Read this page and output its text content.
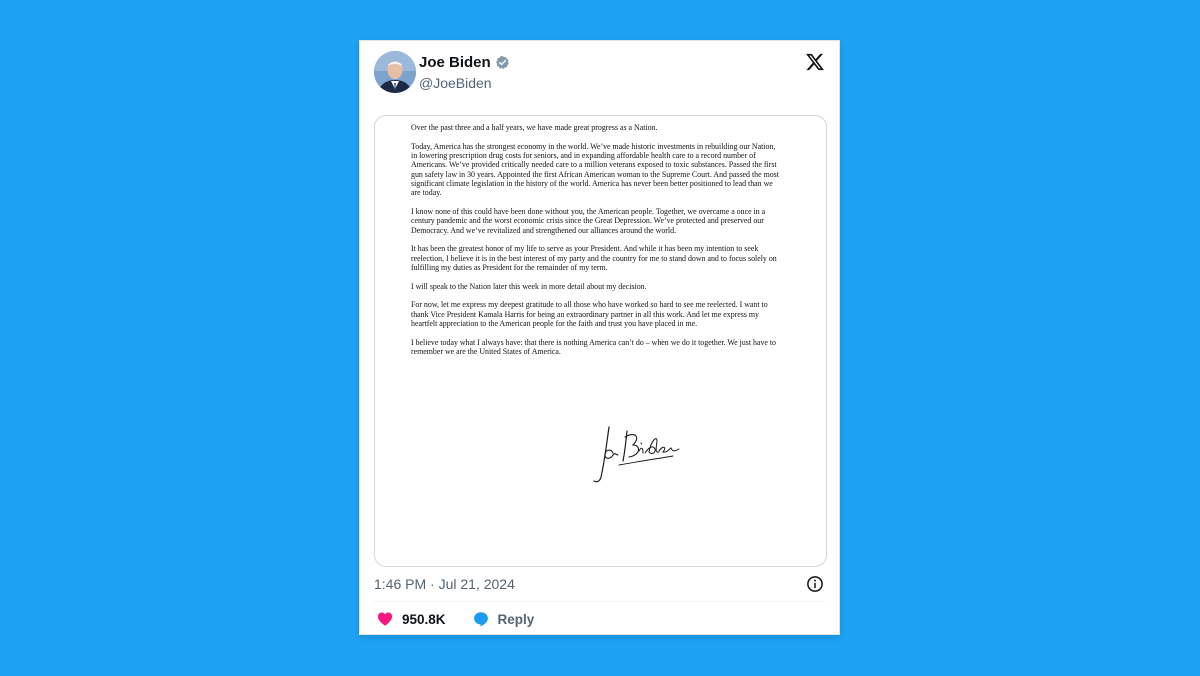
Joe Biden
@JoeBiden

Over the past three and a half years, we have made great progress as a Nation.

Today, America has the strongest economy in the world. We’ve made historic investments in rebuilding our Nation, in lowering prescription drug costs for seniors, and in expanding affordable health care to a record number of Americans. We’ve provided critically needed care to a million veterans exposed to toxic substances. Passed the first gun safety law in 30 years. Appointed the first African American woman to the Supreme Court. And passed the most significant climate legislation in the history of the world. America has never been better positioned to lead than we are today.

I know none of this could have been done without you, the American people. Together, we overcame a once in a century pandemic and the worst economic crisis since the Great Depression. We’ve protected and preserved our Democracy. And we’ve revitalized and strengthened our alliances around the world.

It has been the greatest honor of my life to serve as your President. And while it has been my intention to seek reelection, I believe it is in the best interest of my party and the country for me to stand down and to focus solely on fulfilling my duties as President for the remainder of my term.

I will speak to the Nation later this week in more detail about my decision.

For now, let me express my deepest gratitude to all those who have worked so hard to see me reelected. I want to thank Vice President Kamala Harris for being an extraordinary partner in all this work. And let me express my heartfelt appreciation to the American people for the faith and trust you have placed in me.

I believe today what I always have: that there is nothing America can’t do – when we do it together. We just have to remember we are the United States of America.

1:46 PM · Jul 21, 2024
950.8K	Reply
